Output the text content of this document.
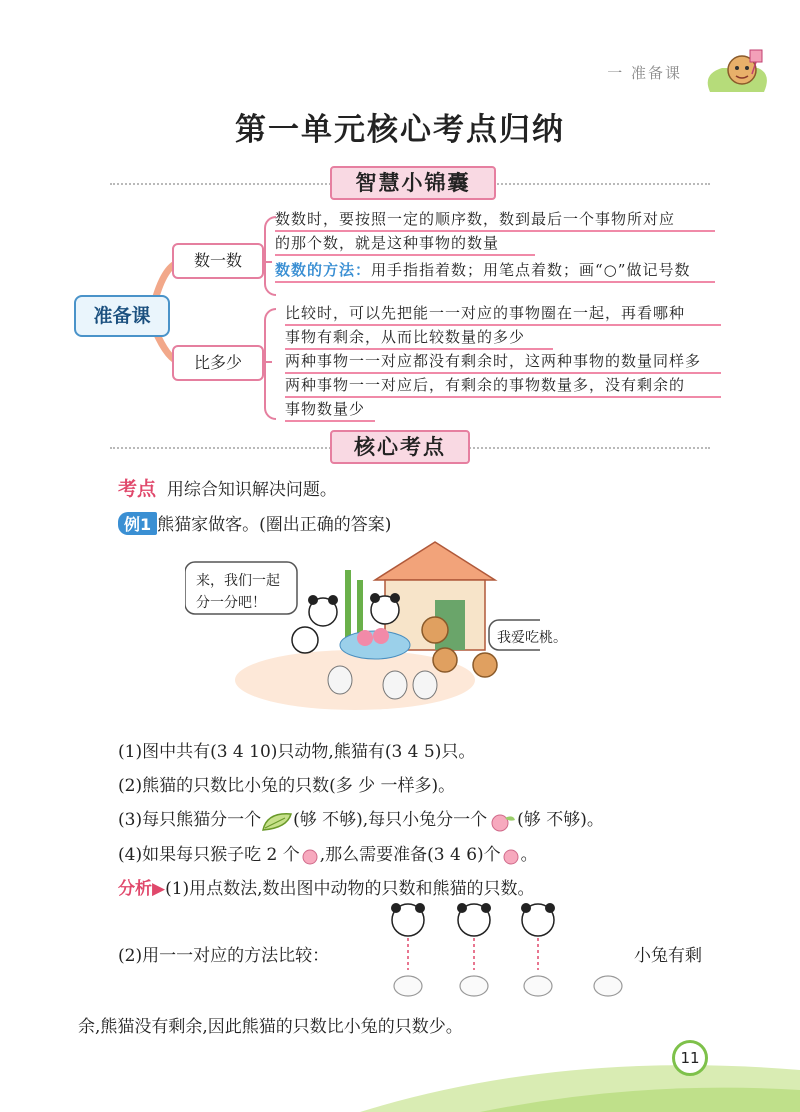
一 准备课
第一单元核心考点归纳
智慧小锦囊
准备课
数一数
数数时，要按照一定的顺序数，数到最后一个事物所对应
的那个数，就是这种事物的数量
数数的方法：用手指指着数；用笔点着数；画“○”做记号数
比多少
比较时，可以先把能一一对应的事物圈在一起，再看哪种
事物有剩余，从而比较数量的多少
两种事物一一对应都没有剩余时，这两种事物的数量同样多
两种事物一一对应后，有剩余的事物数量多，没有剩余的
事物数量少
核心考点
考点 用综合知识解决问题。
例1 熊猫家做客。(圈出正确的答案)
来，我们一起
分一分吧！
我爱吃桃。
(1)图中共有(3 4 10)只动物,熊猫有(3 4 5)只。
(2)熊猫的只数比小兔的只数(多 少 一样多)。
(3)每只熊猫分一个 (够 不够),每只小兔分一个 (够 不够)。
(4)如果每只猴子吃 2 个 ,那么需要准备(3 4 6)个 。
分析▶(1)用点数法,数出图中动物的只数和熊猫的只数。
(2)用一一对应的方法比较：	小兔有剩
余,熊猫没有剩余,因此熊猫的只数比小兔的只数少。
11
